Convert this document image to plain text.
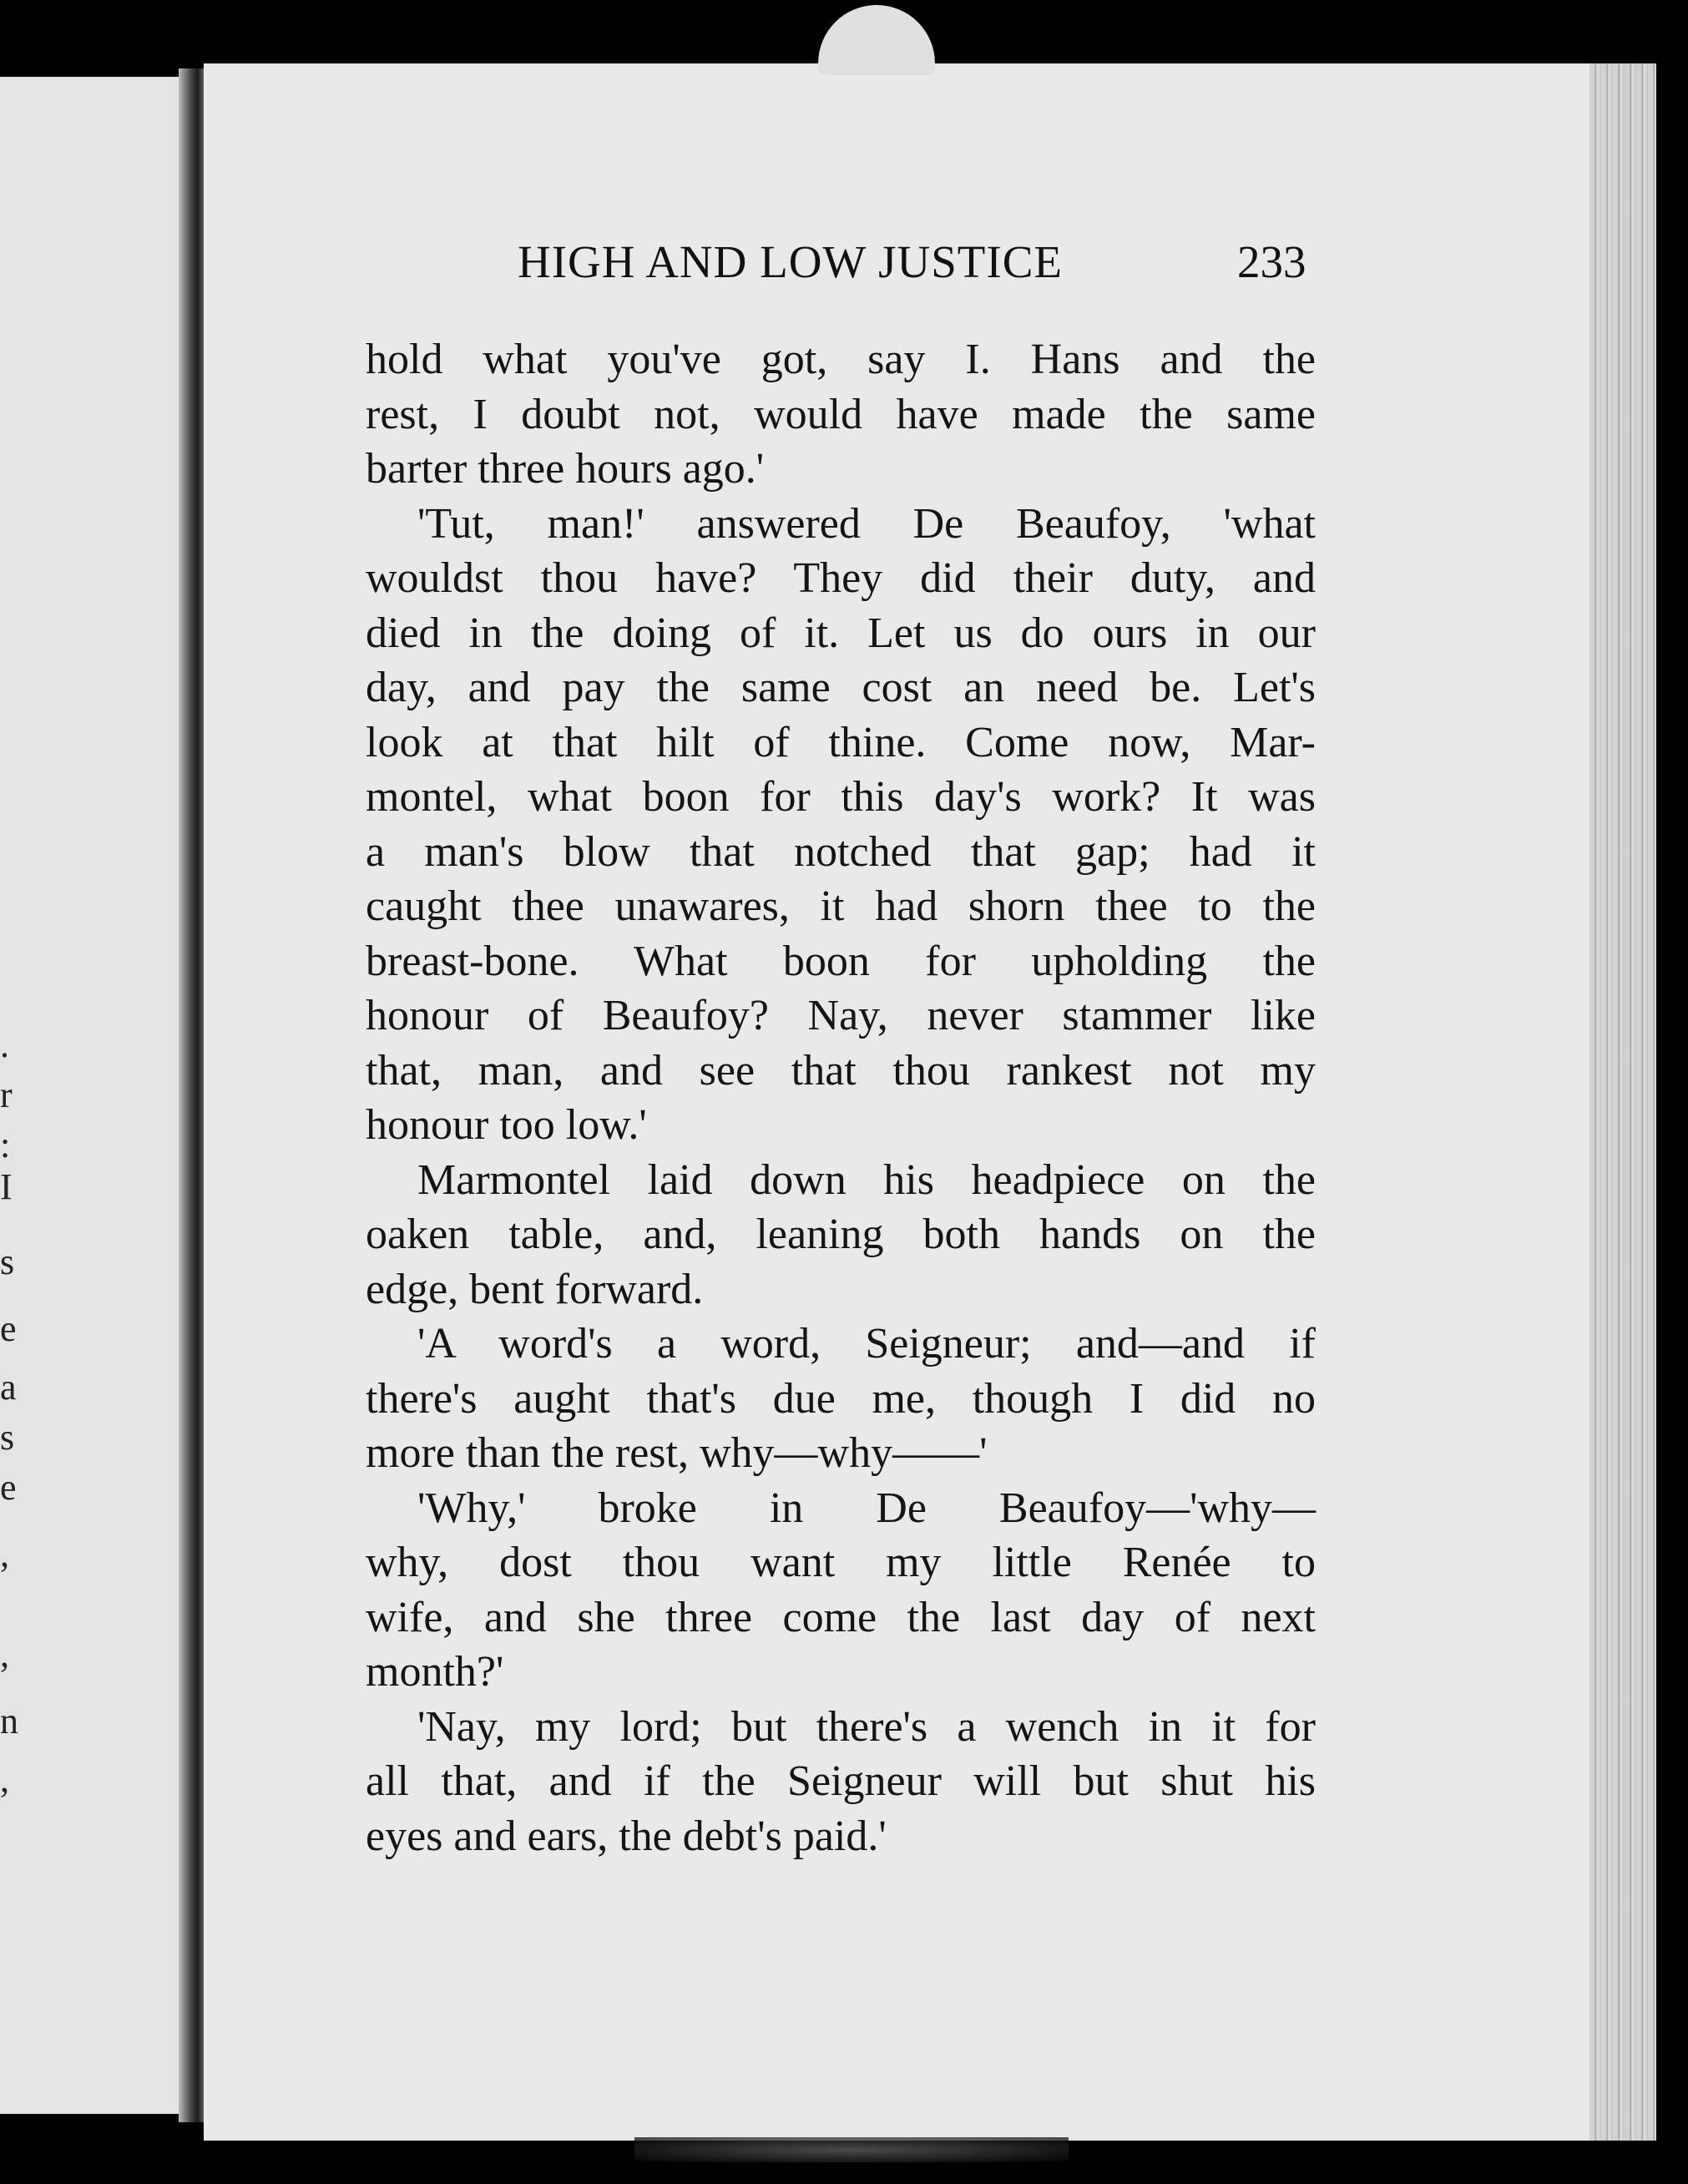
.
r
:
I
s
e
a
s
e
,
,
n
,
HIGH AND LOW JUSTICE	233
hold what you've got, say I. Hans and the
rest, I doubt not, would have made the same
barter three hours ago.'
'Tut, man!' answered De Beaufoy, 'what
wouldst thou have? They did their duty, and
died in the doing of it. Let us do ours in our
day, and pay the same cost an need be. Let's
look at that hilt of thine. Come now, Mar-
montel, what boon for this day's work? It was
a man's blow that notched that gap; had it
caught thee unawares, it had shorn thee to the
breast-bone. What boon for upholding the
honour of Beaufoy? Nay, never stammer like
that, man, and see that thou rankest not my
honour too low.'
Marmontel laid down his headpiece on the
oaken table, and, leaning both hands on the
edge, bent forward.
'A word's a word, Seigneur; and—and if
there's aught that's due me, though I did no
more than the rest, why—why——'
'Why,' broke in De Beaufoy—'why—
why, dost thou want my little Renée to
wife, and she three come the last day of next
month?'
'Nay, my lord; but there's a wench in it for
all that, and if the Seigneur will but shut his
eyes and ears, the debt's paid.'
